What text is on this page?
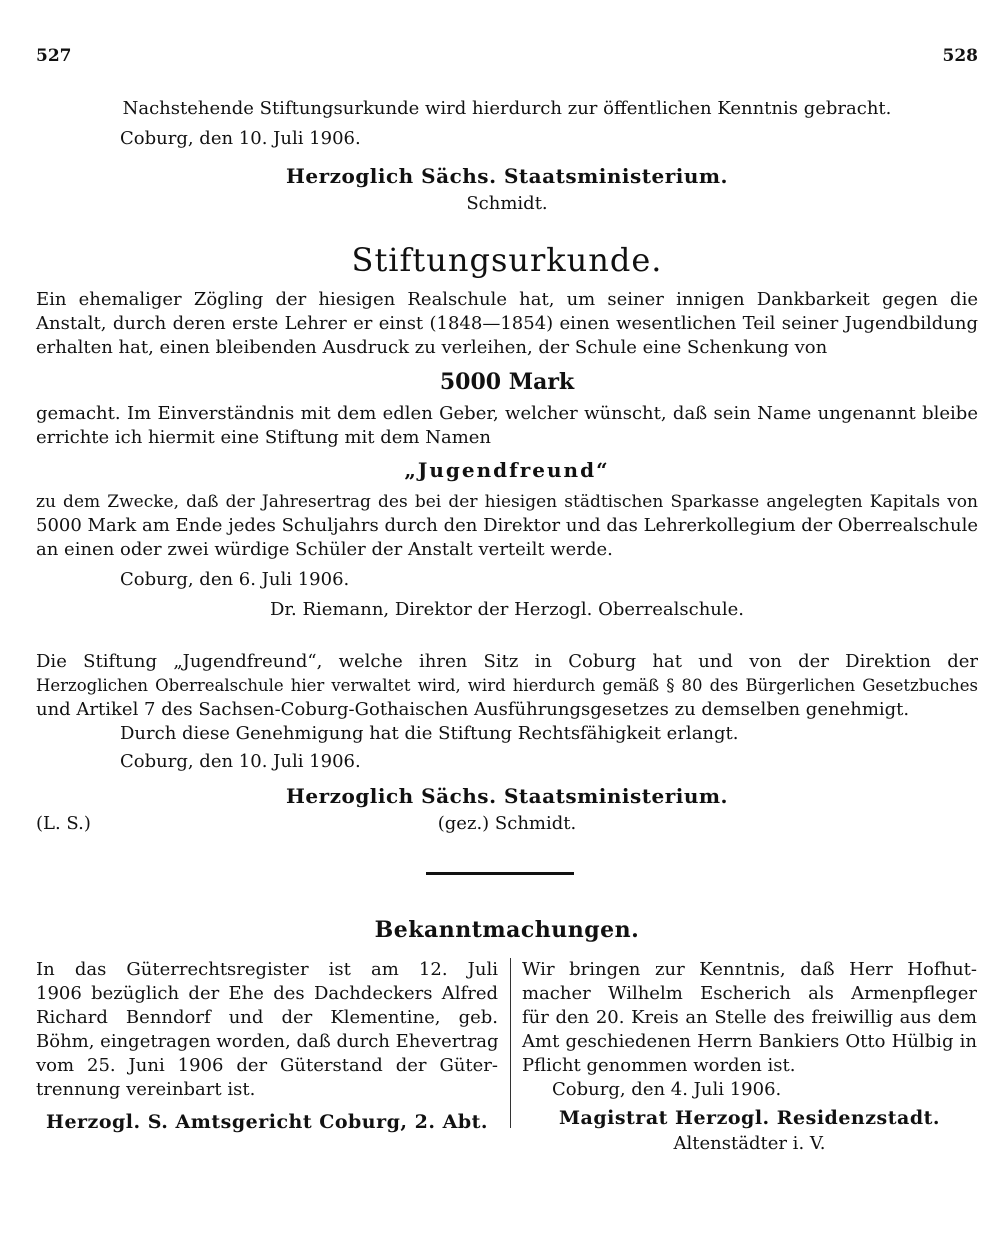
527	528
Nachstehende Stiftungsurkunde wird hierdurch zur öffentlichen Kenntnis gebracht.
Coburg, den 10. Juli 1906.
Herzoglich Sächs. Staatsministerium.
Schmidt.
Stiftungsurkunde.
Ein ehemaliger Zögling der hiesigen Realschule hat, um seiner innigen Dankbarkeit gegen die
Anstalt, durch deren erste Lehrer er einst (1848—1854) einen wesentlichen Teil seiner Jugendbildung
erhalten hat, einen bleibenden Ausdruck zu verleihen, der Schule eine Schenkung von
5000 Mark
gemacht. Im Einverständnis mit dem edlen Geber, welcher wünscht, daß sein Name ungenannt bleibe
errichte ich hiermit eine Stiftung mit dem Namen
„Jugendfreund“
zu dem Zwecke, daß der Jahresertrag des bei der hiesigen städtischen Sparkasse angelegten Kapitals von
5000 Mark am Ende jedes Schuljahrs durch den Direktor und das Lehrerkollegium der Oberrealschule
an einen oder zwei würdige Schüler der Anstalt verteilt werde.
Coburg, den 6. Juli 1906.
Dr. Riemann, Direktor der Herzogl. Oberrealschule.
Die Stiftung „Jugendfreund“, welche ihren Sitz in Coburg hat und von der Direktion der
Herzoglichen Oberrealschule hier verwaltet wird, wird hierdurch gemäß § 80 des Bürgerlichen Gesetzbuches
und Artikel 7 des Sachsen-Coburg-Gothaischen Ausführungsgesetzes zu demselben genehmigt.
Durch diese Genehmigung hat die Stiftung Rechtsfähigkeit erlangt.
Coburg, den 10. Juli 1906.
Herzoglich Sächs. Staatsministerium.
(L. S.)	(gez.) Schmidt.
Bekanntmachungen.
In das Güterrechtsregister ist am 12. Juli
1906 bezüglich der Ehe des Dachdeckers Alfred
Richard Benndorf und der Klementine, geb.
Böhm, eingetragen worden, daß durch Ehevertrag
vom 25. Juni 1906 der Güterstand der Güter-
trennung vereinbart ist.
Herzogl. S. Amtsgericht Coburg, 2. Abt.
Wir bringen zur Kenntnis, daß Herr Hofhut-
macher Wilhelm Escherich als Armenpfleger
für den 20. Kreis an Stelle des freiwillig aus dem
Amt geschiedenen Herrn Bankiers Otto Hülbig in
Pflicht genommen worden ist.
Coburg, den 4. Juli 1906.
Magistrat Herzogl. Residenzstadt.
Altenstädter i. V.
